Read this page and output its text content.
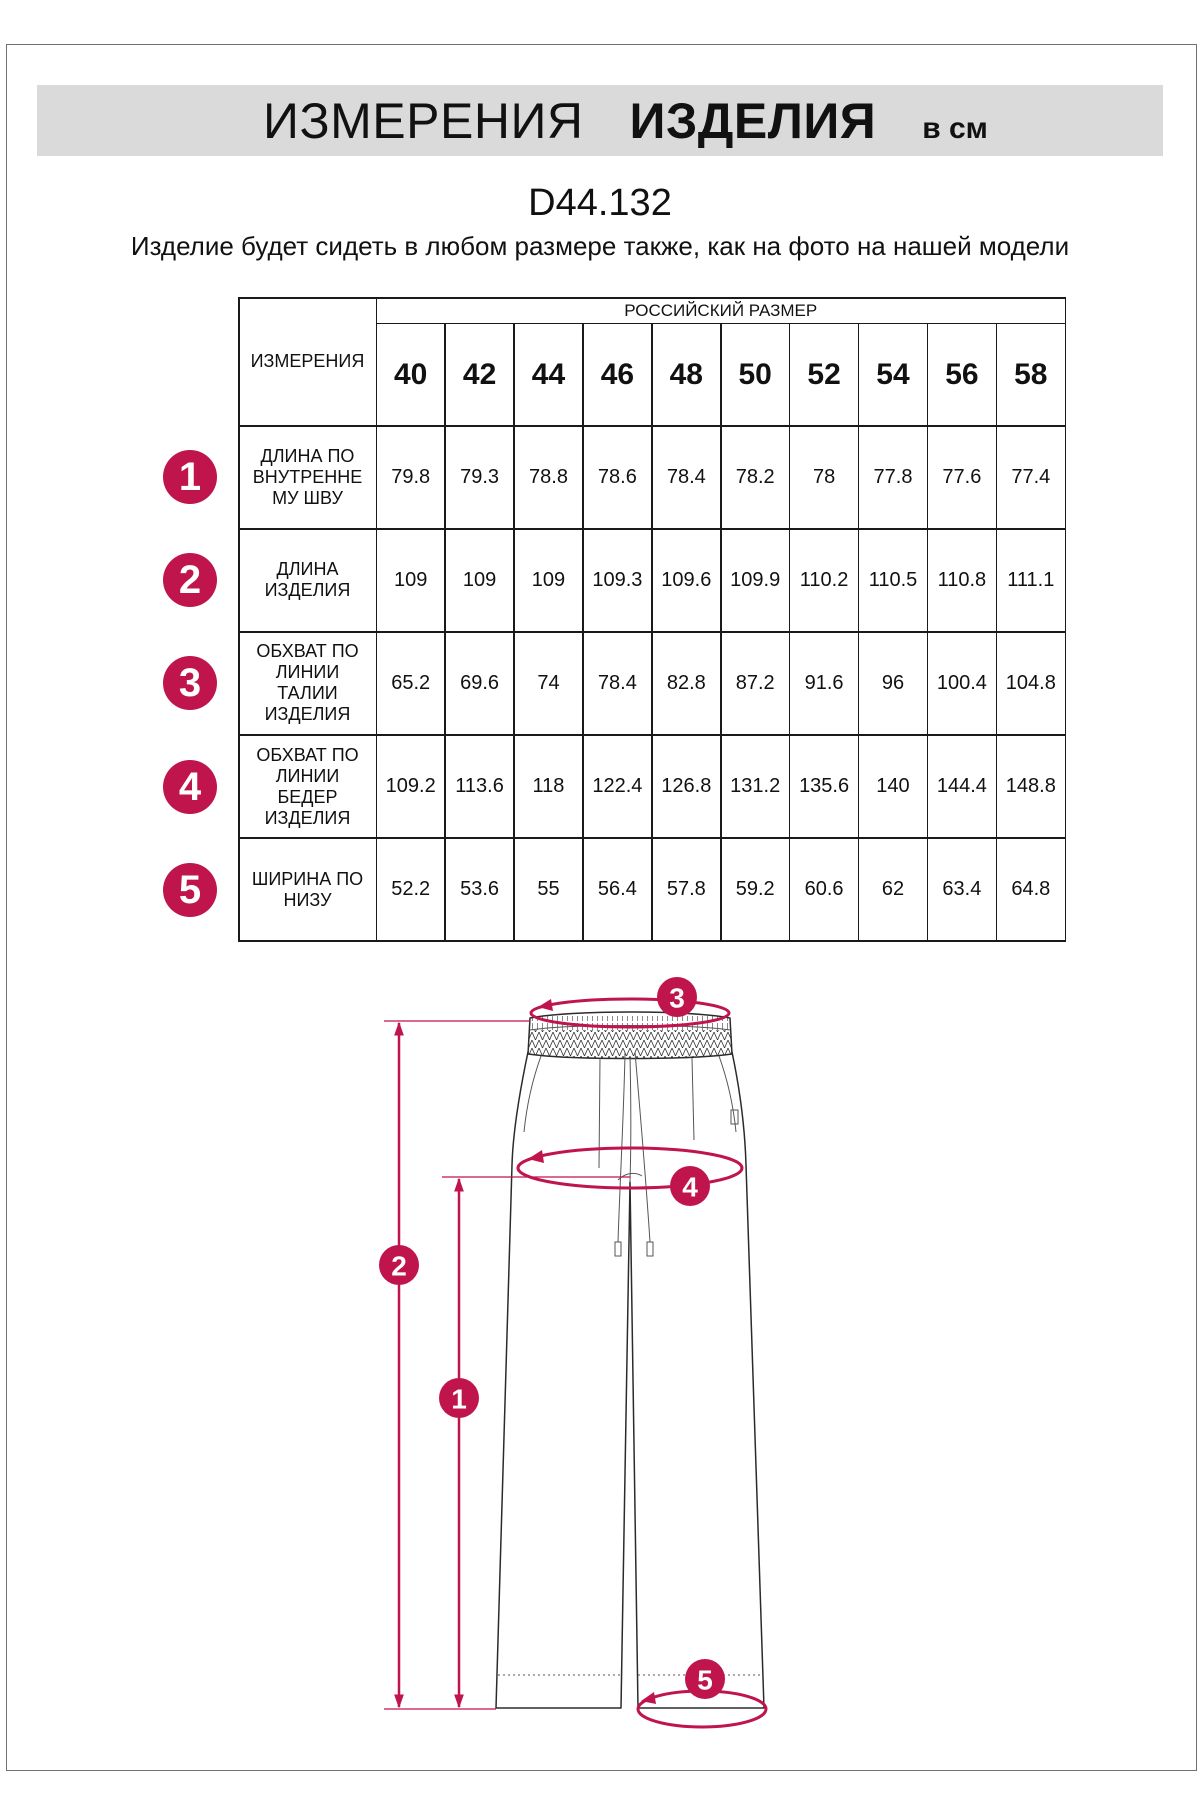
ИЗМЕРЕНИЯ ИЗДЕЛИЯ в см
D44.132
Изделие будет сидеть в любом размере также, как на фото на нашей модели
ИЗМЕРЕНИЯ
РОССИЙСКИЙ РАЗМЕР
40	42	44	46	48	50	52	54	56	58
ДЛИНА ПО
ВНУТРЕННЕ
МУ ШВУ
79.8	79.3	78.8	78.6	78.4	78.2	78	77.8	77.6	77.4
ДЛИНА
ИЗДЕЛИЯ	109	109	109	109.3 109.6 109.9 110.2	110.5	110.8	111.1
ОБХВАТ ПО
ЛИНИИ
ТАЛИИ
ИЗДЕЛИЯ
65.2	69.6	74	78.4	82.8	87.2	91.6	96	100.4 104.8
ОБХВАТ ПО
ЛИНИИ
БЕДЕР
ИЗДЕЛИЯ
109.2 113.6	118	122.4 126.8 131.2 135.6	140	144.4 148.8
ШИРИНА ПО
НИЗУ	52.2	53.6	55	56.4	57.8	59.2	60.6	62	63.4	64.8
1
2
3
4
5
1
2
3
4
5
